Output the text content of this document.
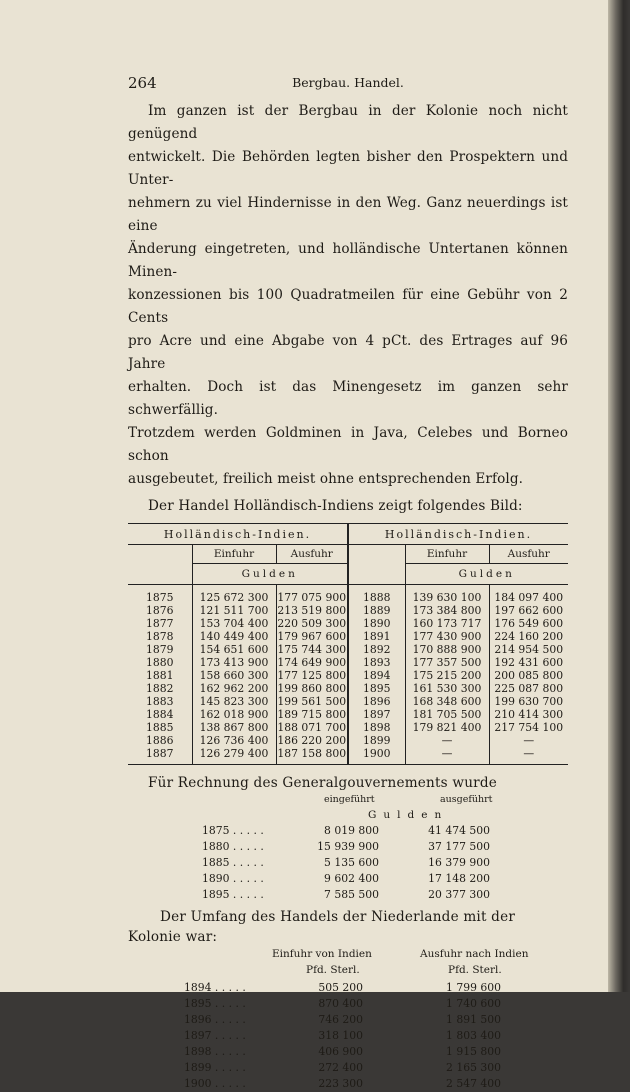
264	Bergbau. Handel.

Im ganzen ist der Bergbau in der Kolonie noch nicht genügend
entwickelt. Die Behörden legten bisher den Prospektern und Unter-
nehmern zu viel Hindernisse in den Weg. Ganz neuerdings ist eine
Änderung eingetreten, und holländische Untertanen können Minen-
konzessionen bis 100 Quadratmeilen für eine Gebühr von 2 Cents
pro Acre und eine Abgabe von 4 pCt. des Ertrages auf 96 Jahre
erhalten. Doch ist das Minengesetz im ganzen sehr schwerfällig.
Trotzdem werden Goldminen in Java, Celebes und Borneo schon
ausgebeutet, freilich meist ohne entsprechenden Erfolg.

Der Handel Holländisch-Indiens zeigt folgendes Bild:
Holländisch-Indien.			Holländisch-Indien.		
	Einfuhr	Ausfuhr		Einfuhr	Ausfuhr
	Gulden			Gulden	

1875	125 672 300	177 075 900	1888	139 630 100	184 097 400
1876	121 511 700	213 519 800	1889	173 384 800	197 662 600
1877	153 704 400	220 509 300	1890	160 173 717	176 549 600
1878	140 449 400	179 967 600	1891	177 430 900	224 160 200
1879	154 651 600	175 744 300	1892	170 888 900	214 954 500
1880	173 413 900	174 649 900	1893	177 357 500	192 431 600
1881	158 660 300	177 125 800	1894	175 215 200	200 085 800
1882	162 962 200	199 860 800	1895	161 530 300	225 087 800
1883	145 823 300	199 561 500	1896	168 348 600	199 630 700
1884	162 018 900	189 715 800	1897	181 705 500	210 414 300
1885	138 867 800	188 071 700	1898	179 821 400	217 754 100
1886	126 736 400	186 220 200	1899	—	—
1887	126 279 400	187 158 800	1900	—	—

Für Rechnung des Generalgouvernements wurde
eingeführt	ausgeführt
Gulden
1875 . . . . .	8 019 800	41 474 500
1880 . . . . .	15 939 900	37 177 500
1885 . . . . .	5 135 600	16 379 900
1890 . . . . .	9 602 400	17 148 200
1895 . . . . .	7 585 500	20 377 300
Der Umfang des Handels der Niederlande mit der Kolonie war:
Einfuhr von Indien	Ausfuhr nach Indien
Pfd. Sterl.	Pfd. Sterl.
1894 . . . . .	505 200	1 799 600
1895 . . . . .	870 400	1 740 600
1896 . . . . .	746 200	1 891 500
1897 . . . . .	318 100	1 803 400
1898 . . . . .	406 900	1 915 800
1899 . . . . .	272 400	2 165 300
1900 . . . . .	223 300	2 547 400
